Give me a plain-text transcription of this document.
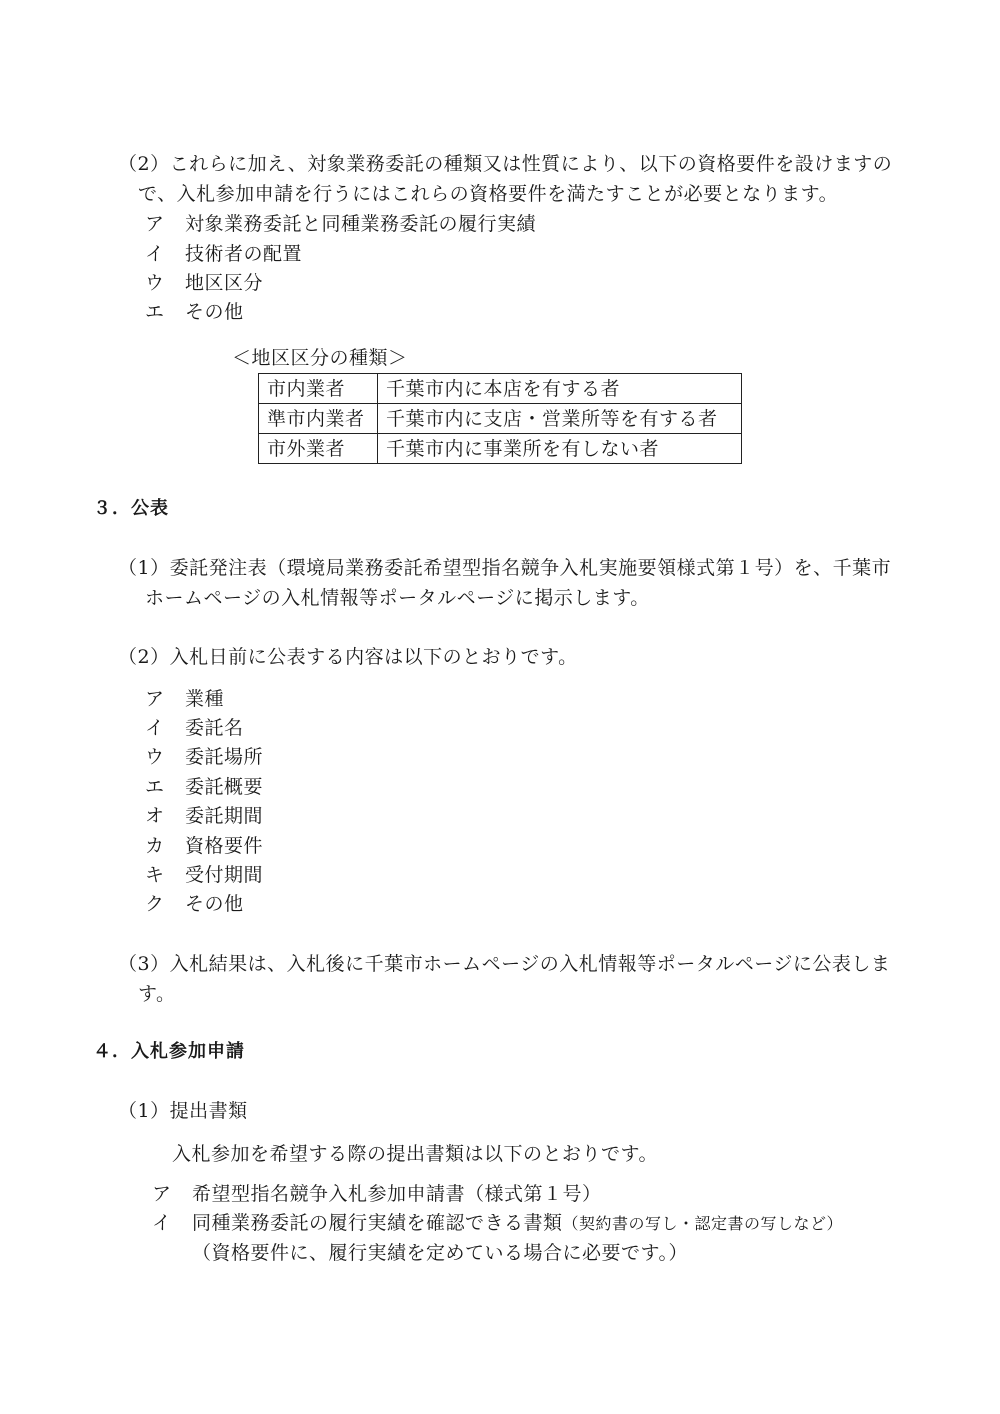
（2）これらに加え、対象業務委託の種類又は性質により、以下の資格要件を設けますの
で、入札参加申請を行うにはこれらの資格要件を満たすことが必要となります。
ア 対象業務委託と同種業務委託の履行実績
イ 技術者の配置
ウ 地区区分
エ その他
＜地区区分の種類＞
市内業者	千葉市内に本店を有する者
準市内業者	千葉市内に支店・営業所等を有する者
市外業者	千葉市内に事業所を有しない者
３．公表
（1）委託発注表（環境局業務委託希望型指名競争入札実施要領様式第１号）を、千葉市
ホームページの入札情報等ポータルページに掲示します。
（2）入札日前に公表する内容は以下のとおりです。
ア 業種
イ 委託名
ウ 委託場所
エ 委託概要
オ 委託期間
カ 資格要件
キ 受付期間
ク その他
（3）入札結果は、入札後に千葉市ホームページの入札情報等ポータルページに公表しま
す。
４．入札参加申請
（1）提出書類
入札参加を希望する際の提出書類は以下のとおりです。
ア 希望型指名競争入札参加申請書（様式第１号）
イ 同種業務委託の履行実績を確認できる書類（契約書の写し・認定書の写しなど）
（資格要件に、履行実績を定めている場合に必要です。）
